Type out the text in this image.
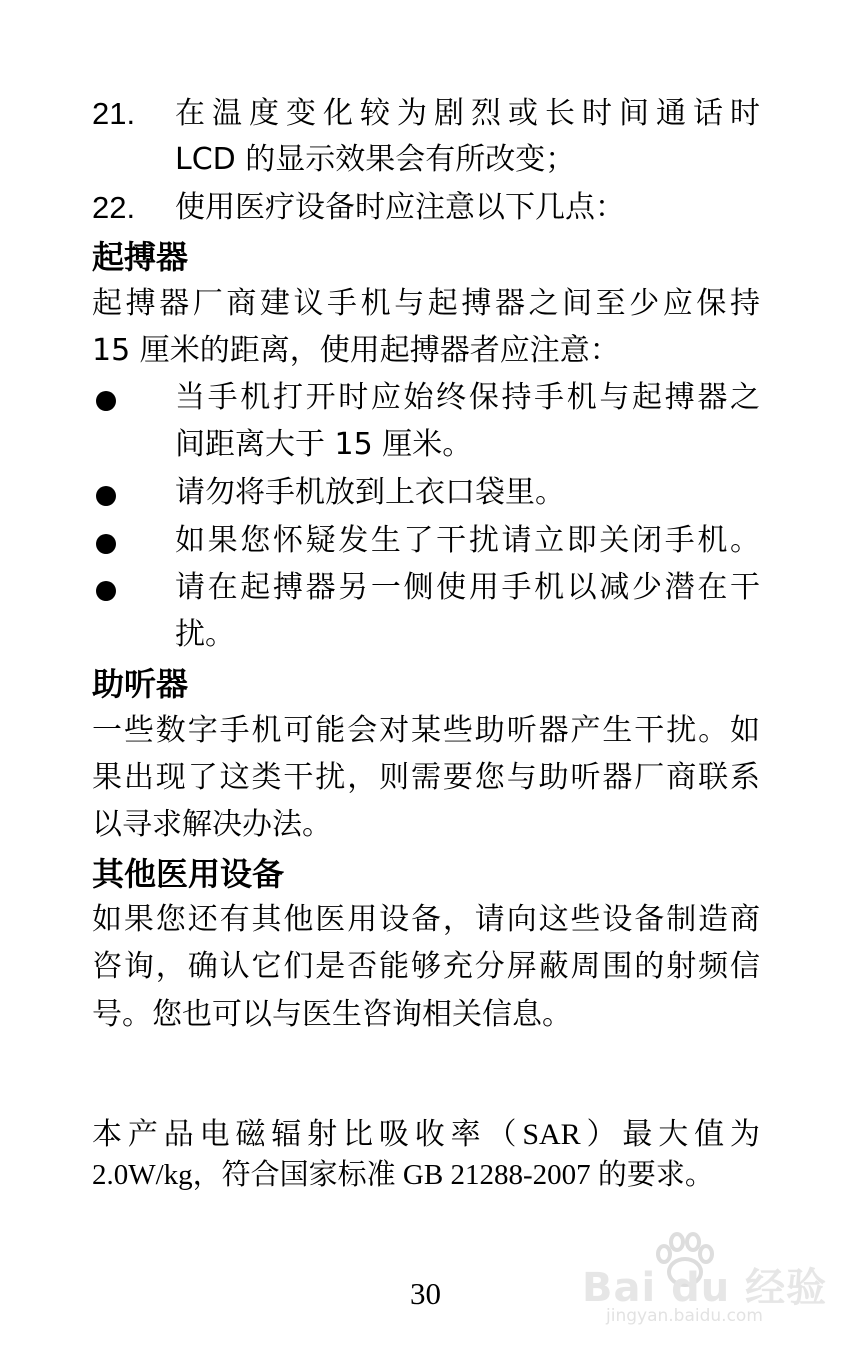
21. 在温度变化较为剧烈或长时间通话时
LCD 的显示效果会有所改变；
22. 使用医疗设备时应注意以下几点：
起搏器
起搏器厂商建议手机与起搏器之间至少应保持
15 厘米的距离，使用起搏器者应注意：
当手机打开时应始终保持手机与起搏器之
间距离大于 15 厘米。
请勿将手机放到上衣口袋里。
如果您怀疑发生了干扰请立即关闭手机。
请在起搏器另一侧使用手机以减少潜在干
扰。
助听器
一些数字手机可能会对某些助听器产生干扰。如
果出现了这类干扰，则需要您与助听器厂商联系
以寻求解决办法。
其他医用设备
如果您还有其他医用设备，请向这些设备制造商
咨询，确认它们是否能够充分屏蔽周围的射频信
号。您也可以与医生咨询相关信息。
本产品电磁辐射比吸收率（SAR）最大值为
2.0W/kg，符合国家标准 GB 21288-2007 的要求。
30	Bai du 经验
jingyan.baidu.com
